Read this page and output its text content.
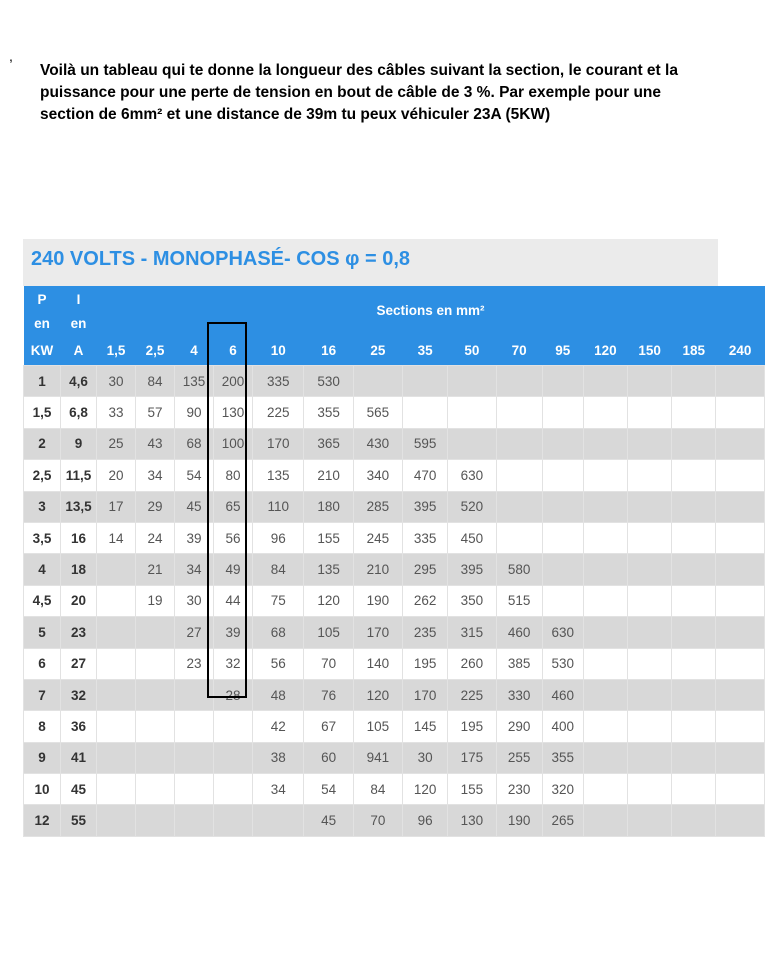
,
Voilà un tableau qui te donne la longueur des câbles suivant la section, le courant et la
puissance pour une perte de tension en bout de câble de 3 %. Par exemple pour une
section de 6mm² et une distance de 39m tu peux véhiculer 23A (5KW)
240 VOLTS - MONOPHASÉ- COS φ = 0,8
P	I	Sections en mm²														
en	en															
KW	A	1,5	2,5	4	6	10	16	25	35	50	70	95	120	150	185	240
1	4,6	30	84	135	200	335	530									
1,5	6,8	33	57	90	130	225	355	565								
2	9	25	43	68	100	170	365	430	595							
2,5	11,5	20	34	54	80	135	210	340	470	630						
3	13,5	17	29	45	65	110	180	285	395	520						
3,5	16	14	24	39	56	96	155	245	335	450						
4	18		21	34	49	84	135	210	295	395	580					
4,5	20		19	30	44	75	120	190	262	350	515					
5	23			27	39	68	105	170	235	315	460	630				
6	27			23	32	56	70	140	195	260	385	530				
7	32				28	48	76	120	170	225	330	460				
8	36					42	67	105	145	195	290	400				
9	41					38	60	941	30	175	255	355				
10	45					34	54	84	120	155	230	320				
12	55						45	70	96	130	190	265				
